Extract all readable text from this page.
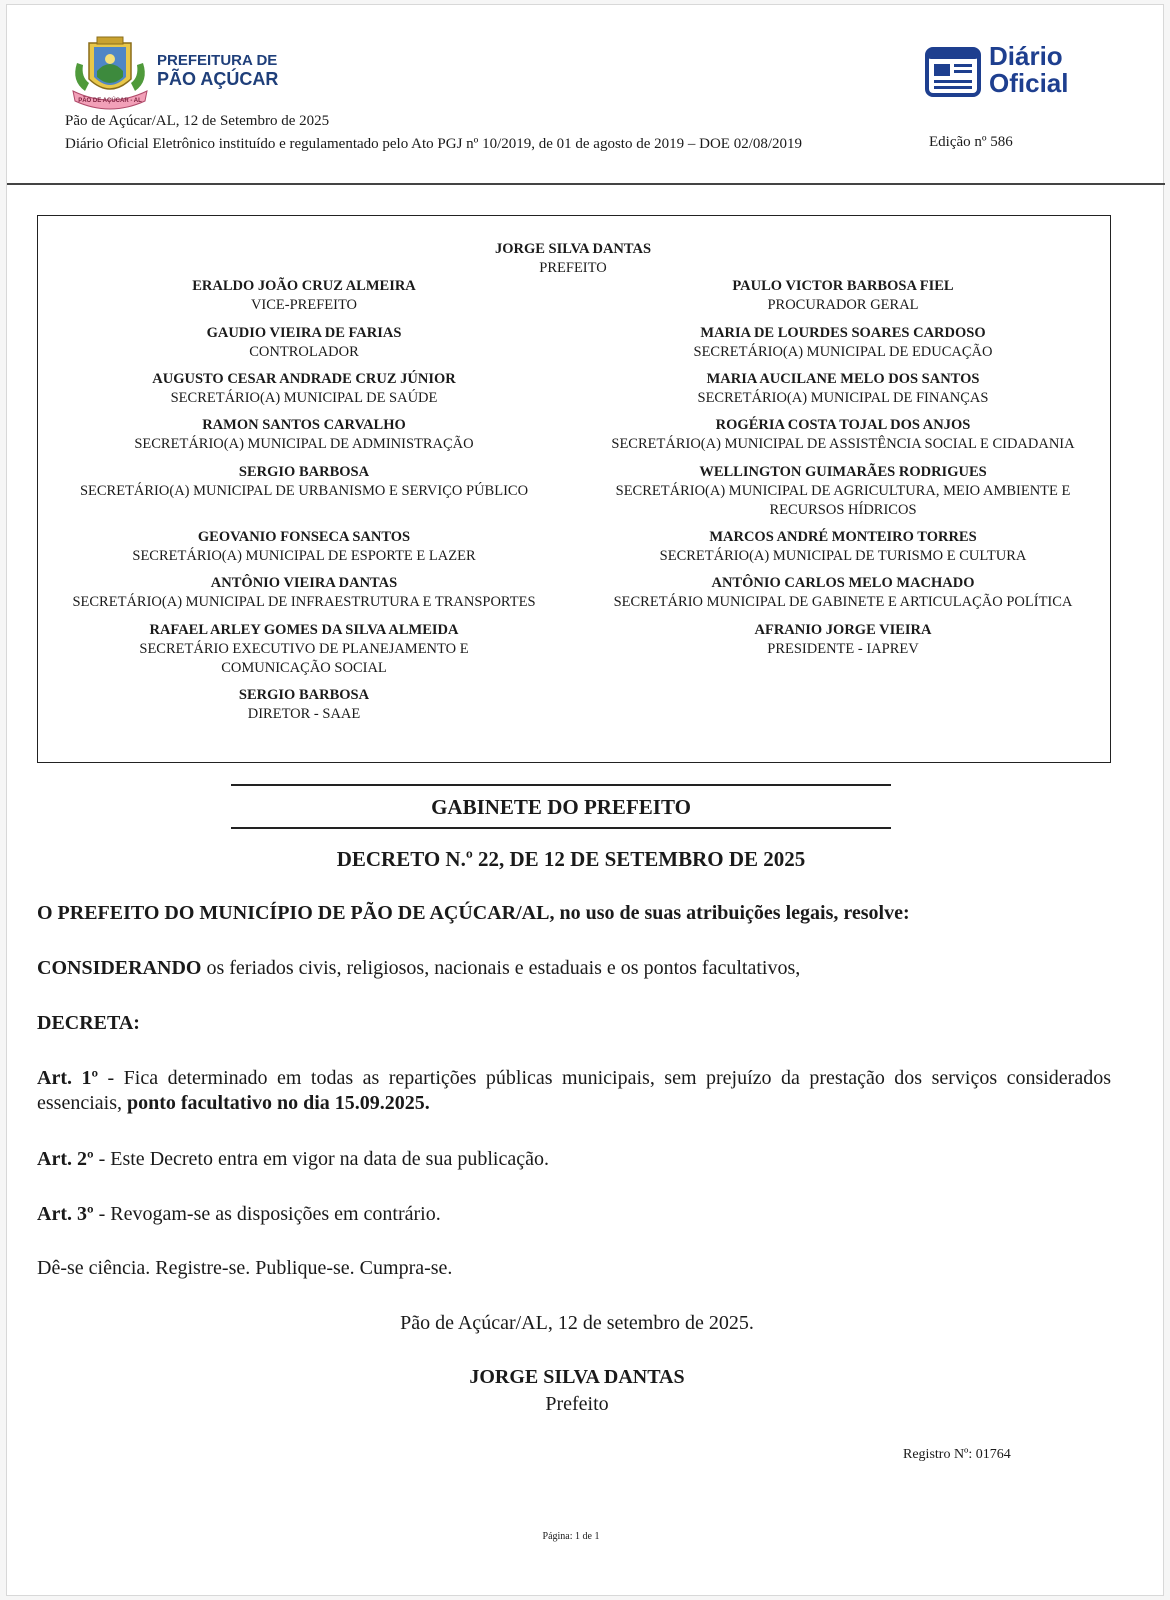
PÃO DE AÇÚCAR - AL
PREFEITURA DE
PÃO AÇÚCAR
Diário
Oficial
Pão de Açúcar/AL, 12 de Setembro de 2025
Diário Oficial Eletrônico instituído e regulamentado pelo Ato PGJ nº 10/2019, de 01 de agosto de 2019 – DOE 02/08/2019	Edição nº 586
JORGE SILVA DANTAS
PREFEITO
ERALDO JOÃO CRUZ ALMEIRA
VICE-PREFEITO
GAUDIO VIEIRA DE FARIAS
CONTROLADOR
AUGUSTO CESAR ANDRADE CRUZ JÚNIOR
SECRETÁRIO(A) MUNICIPAL DE SAÚDE
RAMON SANTOS CARVALHO
SECRETÁRIO(A) MUNICIPAL DE ADMINISTRAÇÃO
SERGIO BARBOSA
SECRETÁRIO(A) MUNICIPAL DE URBANISMO E SERVIÇO PÚBLICO
GEOVANIO FONSECA SANTOS
SECRETÁRIO(A) MUNICIPAL DE ESPORTE E LAZER
ANTÔNIO VIEIRA DANTAS
SECRETÁRIO(A) MUNICIPAL DE INFRAESTRUTURA E TRANSPORTES
RAFAEL ARLEY GOMES DA SILVA ALMEIDA
SECRETÁRIO EXECUTIVO DE PLANEJAMENTO E COMUNICAÇÃO SOCIAL
SERGIO BARBOSA
DIRETOR - SAAE
PAULO VICTOR BARBOSA FIEL
PROCURADOR GERAL
MARIA DE LOURDES SOARES CARDOSO
SECRETÁRIO(A) MUNICIPAL DE EDUCAÇÃO
MARIA AUCILANE MELO DOS SANTOS
SECRETÁRIO(A) MUNICIPAL DE FINANÇAS
ROGÉRIA COSTA TOJAL DOS ANJOS
SECRETÁRIO(A) MUNICIPAL DE ASSISTÊNCIA SOCIAL E CIDADANIA
WELLINGTON GUIMARÃES RODRIGUES
SECRETÁRIO(A) MUNICIPAL DE AGRICULTURA, MEIO AMBIENTE E RECURSOS HÍDRICOS
MARCOS ANDRÉ MONTEIRO TORRES
SECRETÁRIO(A) MUNICIPAL DE TURISMO E CULTURA
ANTÔNIO CARLOS MELO MACHADO
SECRETÁRIO MUNICIPAL DE GABINETE E ARTICULAÇÃO POLÍTICA
AFRANIO JORGE VIEIRA
PRESIDENTE - IAPREV
GABINETE DO PREFEITO
DECRETO N.º 22, DE 12 DE SETEMBRO DE 2025
O PREFEITO DO MUNICÍPIO DE PÃO DE AÇÚCAR/AL, no uso de suas atribuições legais, resolve:
CONSIDERANDO os feriados civis, religiosos, nacionais e estaduais e os pontos facultativos,
DECRETA:
Art. 1º - Fica determinado em todas as repartições públicas municipais, sem prejuízo da prestação dos serviços considerados essenciais, ponto facultativo no dia 15.09.2025.
Art. 2º - Este Decreto entra em vigor na data de sua publicação.
Art. 3º - Revogam-se as disposições em contrário.
Dê-se ciência. Registre-se. Publique-se. Cumpra-se.
Pão de Açúcar/AL, 12 de setembro de 2025.
JORGE SILVA DANTAS
Prefeito
Registro Nº: 01764
Página: 1 de 1
